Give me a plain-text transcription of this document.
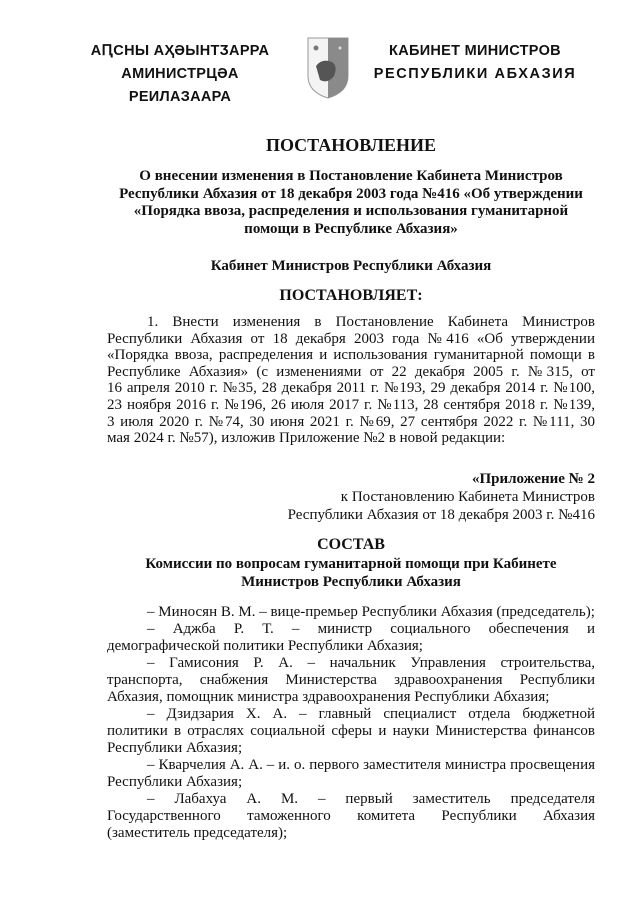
АԤСНЫ АҲӘЫНТӠАРРА
АМИНИСТРЦӘА РЕИЛАЗААРА
КАБИНЕТ МИНИСТРОВ
РЕСПУБЛИКИ АБХАЗИЯ
ПОСТАНОВЛЕНИЕ
О внесении изменения в Постановление Кабинета Министров
Республики Абхазия от 18 декабря 2003 года №416 «Об утверждении
«Порядка ввоза, распределения и использования гуманитарной
помощи в Республике Абхазия»
Кабинет Министров Республики Абхазия
ПОСТАНОВЛЯЕТ:

1. Внести изменения в Постановление Кабинета Министров

Республики Абхазия от 18 декабря 2003 года №416 «Об утверждении

«Порядка ввоза, распределения и использования гуманитарной помощи в

Республике Абхазия» (с изменениями от 22 декабря 2005 г. №315, от

16 апреля 2010 г. №35, 28 декабря 2011 г. №193, 29 декабря 2014 г. №100,

23 ноября 2016 г. №196, 26 июля 2017 г. №113, 28 сентября 2018 г. №139,

3 июля 2020 г. №74, 30 июня 2021 г. №69, 27 сентября 2022 г. №111, 30

мая 2024 г. №57), изложив Приложение №2 в новой редакции:

«Приложение № 2
к Постановлению Кабинета Министров
Республики Абхазия от 18 декабря 2003 г. №416
СОСТАВ
Комиссии по вопросам гуманитарной помощи при Кабинете
Министров Республики Абхазия

– Миносян В. М. – вице-премьер Республики Абхазия (председатель);

– Аджба Р. Т. – министр социального обеспечения и

демографической политики Республики Абхазия;

– Гамисония Р. А. – начальник Управления строительства,

транспорта, снабжения Министерства здравоохранения Республики

Абхазия, помощник министра здравоохранения Республики Абхазия;

– Дзидзария Х. А. – главный специалист отдела бюджетной

политики в отраслях социальной сферы и науки Министерства финансов

Республики Абхазия;

– Кварчелия А. А. – и. о. первого заместителя министра просвещения

Республики Абхазия;

– Лабахуа А. М. – первый заместитель председателя

Государственного таможенного комитета Республики Абхазия

(заместитель председателя);
